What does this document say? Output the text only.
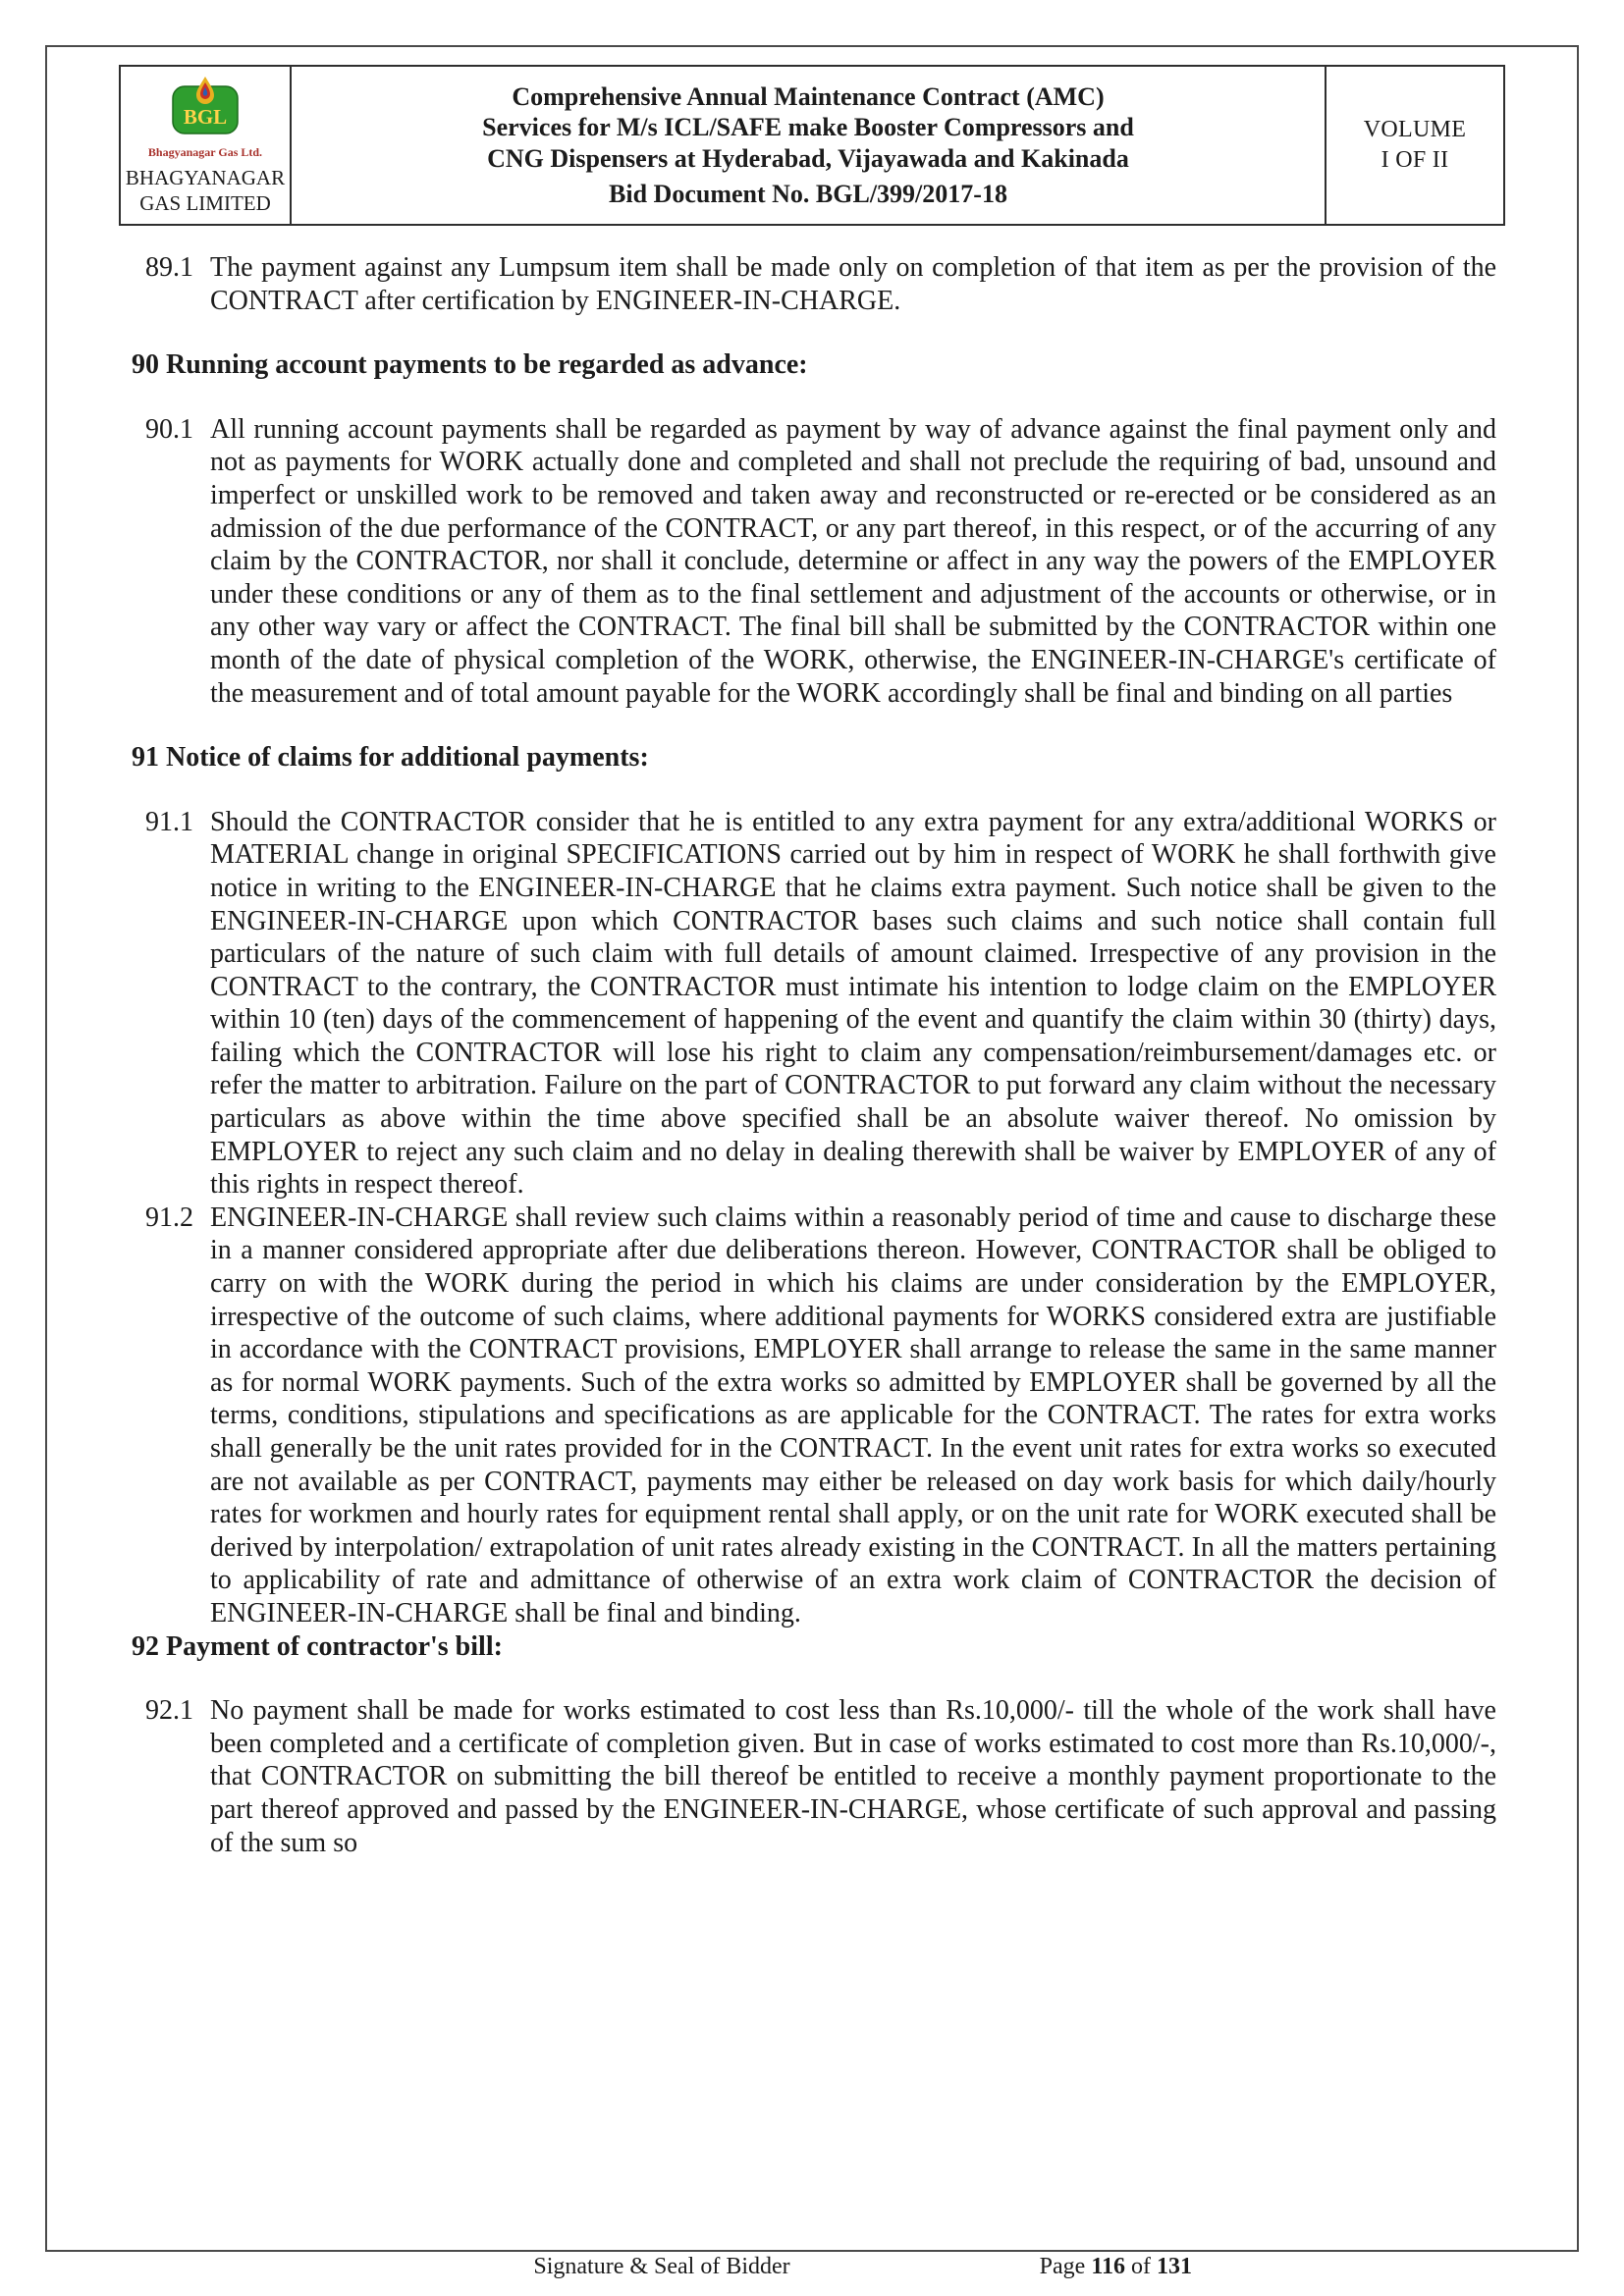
BGL
Bhagyanagar Gas Ltd.
BHAGYANAGAR GAS LIMITED
Comprehensive Annual Maintenance Contract (AMC) Services for M/s ICL/SAFE make Booster Compressors and CNG Dispensers at Hyderabad, Vijayawada and Kakinada
Bid Document No. BGL/399/2017-18
VOLUME
I OF II
89.1 The payment against any Lumpsum item shall be made only on completion of that item as per the provision of the CONTRACT after certification by ENGINEER-IN-CHARGE.
90 Running account payments to be regarded as advance:
90.1 All running account payments shall be regarded as payment by way of advance against the final payment only and not as payments for WORK actually done and completed and shall not preclude the requiring of bad, unsound and imperfect or unskilled work to be removed and taken away and reconstructed or re-erected or be considered as an admission of the due performance of the CONTRACT, or any part thereof, in this respect, or of the accurring of any claim by the CONTRACTOR, nor shall it conclude, determine or affect in any way the powers of the EMPLOYER under these conditions or any of them as to the final settlement and adjustment of the accounts or otherwise, or in any other way vary or affect the CONTRACT. The final bill shall be submitted by the CONTRACTOR within one month of the date of physical completion of the WORK, otherwise, the ENGINEER-IN-CHARGE's certificate of the measurement and of total amount payable for the WORK accordingly shall be final and binding on all parties
91 Notice of claims for additional payments:
91.1 Should the CONTRACTOR consider that he is entitled to any extra payment for any extra/additional WORKS or MATERIAL change in original SPECIFICATIONS carried out by him in respect of WORK he shall forthwith give notice in writing to the ENGINEER-IN-CHARGE that he claims extra payment. Such notice shall be given to the ENGINEER-IN-CHARGE upon which CONTRACTOR bases such claims and such notice shall contain full particulars of the nature of such claim with full details of amount claimed. Irrespective of any provision in the CONTRACT to the contrary, the CONTRACTOR must intimate his intention to lodge claim on the EMPLOYER within 10 (ten) days of the commencement of happening of the event and quantify the claim within 30 (thirty) days, failing which the CONTRACTOR will lose his right to claim any compensation/reimbursement/damages etc. or refer the matter to arbitration. Failure on the part of CONTRACTOR to put forward any claim without the necessary particulars as above within the time above specified shall be an absolute waiver thereof. No omission by EMPLOYER to reject any such claim and no delay in dealing therewith shall be waiver by EMPLOYER of any of this rights in respect thereof.
91.2 ENGINEER-IN-CHARGE shall review such claims within a reasonably period of time and cause to discharge these in a manner considered appropriate after due deliberations thereon. However, CONTRACTOR shall be obliged to carry on with the WORK during the period in which his claims are under consideration by the EMPLOYER, irrespective of the outcome of such claims, where additional payments for WORKS considered extra are justifiable in accordance with the CONTRACT provisions, EMPLOYER shall arrange to release the same in the same manner as for normal WORK payments. Such of the extra works so admitted by EMPLOYER shall be governed by all the terms, conditions, stipulations and specifications as are applicable for the CONTRACT. The rates for extra works shall generally be the unit rates provided for in the CONTRACT. In the event unit rates for extra works so executed are not available as per CONTRACT, payments may either be released on day work basis for which daily/hourly rates for workmen and hourly rates for equipment rental shall apply, or on the unit rate for WORK executed shall be derived by interpolation/ extrapolation of unit rates already existing in the CONTRACT. In all the matters pertaining to applicability of rate and admittance of otherwise of an extra work claim of CONTRACTOR the decision of ENGINEER-IN-CHARGE shall be final and binding.
92 Payment of contractor's bill:
92.1 No payment shall be made for works estimated to cost less than Rs.10,000/- till the whole of the work shall have been completed and a certificate of completion given. But in case of works estimated to cost more than Rs.10,000/-, that CONTRACTOR on submitting the bill thereof be entitled to receive a monthly payment proportionate to the part thereof approved and passed by the ENGINEER-IN-CHARGE, whose certificate of such approval and passing of the sum so
Signature & Seal of Bidder	Page 116 of 131
